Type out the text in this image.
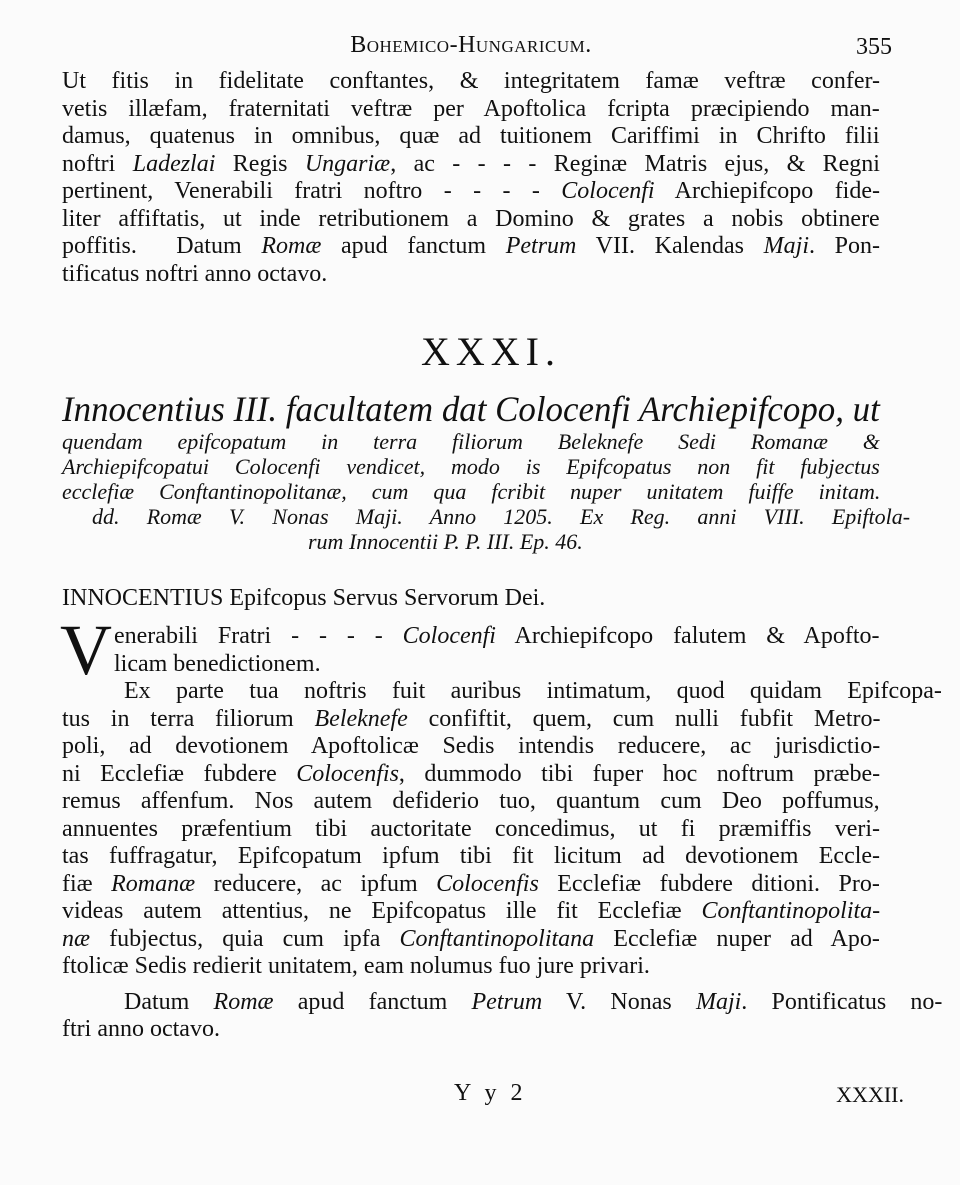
Bohemico-Hungaricum.	355
Ut fitis in fidelitate conftantes, & integritatem famæ veftræ confer-
vetis illæfam, fraternitati veftræ per Apoftolica fcripta præcipiendo man-
damus, quatenus in omnibus, quæ ad tuitionem Cariffimi in Chrifto filii
noftri Ladezlai Regis Ungariæ, ac - - - - Reginæ Matris ejus, & Regni
pertinent, Venerabili fratri noftro - - - - Colocenfi Archiepifcopo fide-
liter affiftatis, ut inde retributionem a Domino & grates a nobis obtinere
poffitis.  Datum Romæ apud fanctum Petrum VII. Kalendas Maji. Pon-
tificatus noftri anno octavo.
XXXI.
Innocentius III. facultatem dat Colocenfi Archiepifcopo, ut
quendam epifcopatum in terra filiorum Beleknefe Sedi Romanæ &
Archiepifcopatui Colocenfi vendicet, modo is Epifcopatus non fit fubjectus
ecclefiæ Conftantinopolitanæ, cum qua fcribit nuper unitatem fuiffe initam.
dd. Romæ V. Nonas Maji. Anno 1205. Ex Reg. anni VIII. Epiftola-
rum Innocentii P. P. III. Ep. 46.
INNOCENTIUS Epifcopus Servus Servorum Dei.
V enerabili Fratri - - - - Colocenfi Archiepifcopo falutem & Apofto-
licam benedictionem.
Ex parte tua noftris fuit auribus intimatum, quod quidam Epifcopa-
tus in terra filiorum Beleknefe confiftit, quem, cum nulli fubfit Metro-
poli, ad devotionem Apoftolicæ Sedis intendis reducere, ac jurisdictio-
ni Ecclefiæ fubdere Colocenfis, dummodo tibi fuper hoc noftrum præbe-
remus affenfum. Nos autem defiderio tuo, quantum cum Deo poffumus,
annuentes præfentium tibi auctoritate concedimus, ut fi præmiffis veri-
tas fuffragatur, Epifcopatum ipfum tibi fit licitum ad devotionem Eccle-
fiæ Romanæ reducere, ac ipfum Colocenfis Ecclefiæ fubdere ditioni. Pro-
videas autem attentius, ne Epifcopatus ille fit Ecclefiæ Conftantinopolita-
næ fubjectus, quia cum ipfa Conftantinopolitana Ecclefiæ nuper ad Apo-
ftolicæ Sedis redierit unitatem, eam nolumus fuo jure privari.
Datum Romæ apud fanctum Petrum V. Nonas Maji. Pontificatus no-
ftri anno octavo.
Y y 2	XXXII.
